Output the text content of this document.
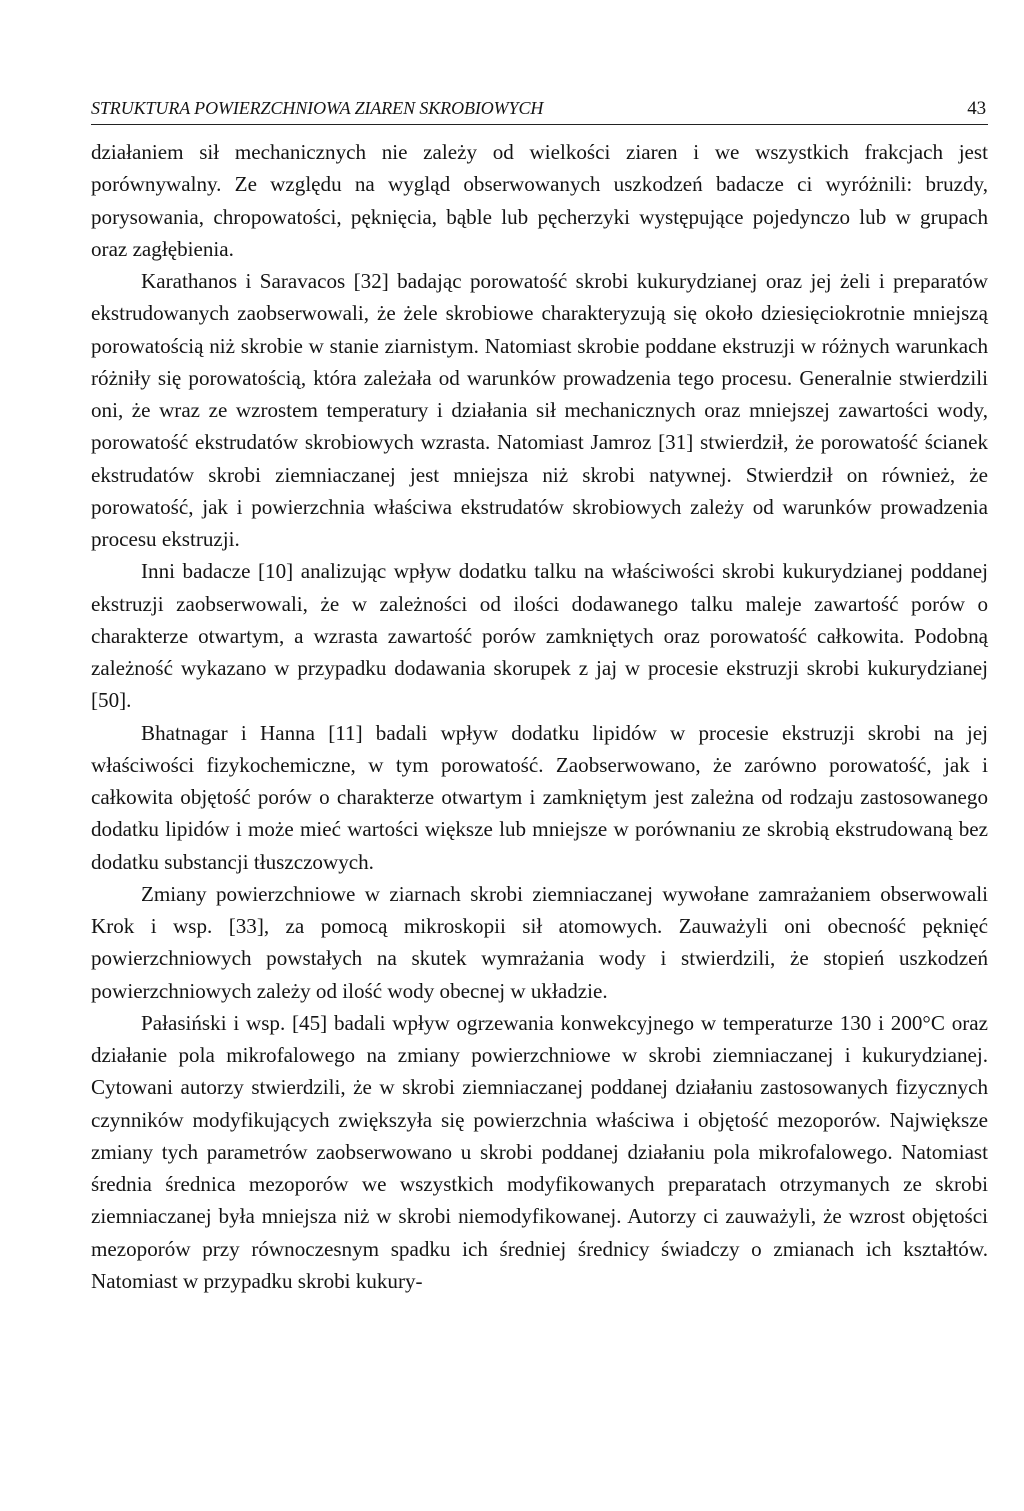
STRUKTURA POWIERZCHNIOWA ZIAREN SKROBIOWYCH	43

działaniem sił mechanicznych nie zależy od wielkości ziaren i we wszystkich frakcjach jest porównywalny. Ze względu na wygląd obserwowanych uszkodzeń badacze ci wyróżnili: bruzdy, porysowania, chropowatości, pęknięcia, bąble lub pęcherzyki występujące pojedynczo lub w grupach oraz zagłębienia.

Karathanos i Saravacos [32] badając porowatość skrobi kukurydzianej oraz jej żeli i preparatów ekstrudowanych zaobserwowali, że żele skrobiowe charakteryzują się około dziesięciokrotnie mniejszą porowatością niż skrobie w stanie ziarnistym. Natomiast skrobie poddane ekstruzji w różnych warunkach różniły się porowatością, która zależała od warunków prowadzenia tego procesu. Generalnie stwierdzili oni, że wraz ze wzrostem temperatury i działania sił mechanicznych oraz mniejszej zawartości wody, porowatość ekstrudatów skrobiowych wzrasta. Natomiast Jamroz [31] stwierdził, że porowatość ścianek ekstrudatów skrobi ziemniaczanej jest mniejsza niż skrobi natywnej. Stwierdził on również, że porowatość, jak i powierzchnia właściwa ekstrudatów skrobiowych zależy od warunków prowadzenia procesu ekstruzji.

Inni badacze [10] analizując wpływ dodatku talku na właściwości skrobi kukurydzianej poddanej ekstruzji zaobserwowali, że w zależności od ilości dodawanego talku maleje zawartość porów o charakterze otwartym, a wzrasta zawartość porów zamkniętych oraz porowatość całkowita. Podobną zależność wykazano w przypadku dodawania skorupek z jaj w procesie ekstruzji skrobi kukurydzianej [50].

Bhatnagar i Hanna [11] badali wpływ dodatku lipidów w procesie ekstruzji skrobi na jej właściwości fizykochemiczne, w tym porowatość. Zaobserwowano, że zarówno porowatość, jak i całkowita objętość porów o charakterze otwartym i zamkniętym jest zależna od rodzaju zastosowanego dodatku lipidów i może mieć wartości większe lub mniejsze w porównaniu ze skrobią ekstrudowaną bez dodatku substancji tłuszczowych.

Zmiany powierzchniowe w ziarnach skrobi ziemniaczanej wywołane zamrażaniem obserwowali Krok i wsp. [33], za pomocą mikroskopii sił atomowych. Zauważyli oni obecność pęknięć powierzchniowych powstałych na skutek wymrażania wody i stwierdzili, że stopień uszkodzeń powierzchniowych zależy od ilość wody obecnej w układzie.

Pałasiński i wsp. [45] badali wpływ ogrzewania konwekcyjnego w temperaturze 130 i 200°C oraz działanie pola mikrofalowego na zmiany powierzchniowe w skrobi ziemniaczanej i kukurydzianej. Cytowani autorzy stwierdzili, że w skrobi ziemniaczanej poddanej działaniu zastosowanych fizycznych czynników modyfikujących zwiększyła się powierzchnia właściwa i objętość mezoporów. Największe zmiany tych parametrów zaobserwowano u skrobi poddanej działaniu pola mikrofalowego. Natomiast średnia średnica mezoporów we wszystkich modyfikowanych preparatach otrzymanych ze skrobi ziemniaczanej była mniejsza niż w skrobi niemodyfikowanej. Autorzy ci zauważyli, że wzrost objętości mezoporów przy równoczesnym spadku ich średniej średnicy świadczy o zmianach ich kształtów. Natomiast w przypadku skrobi kukury-
